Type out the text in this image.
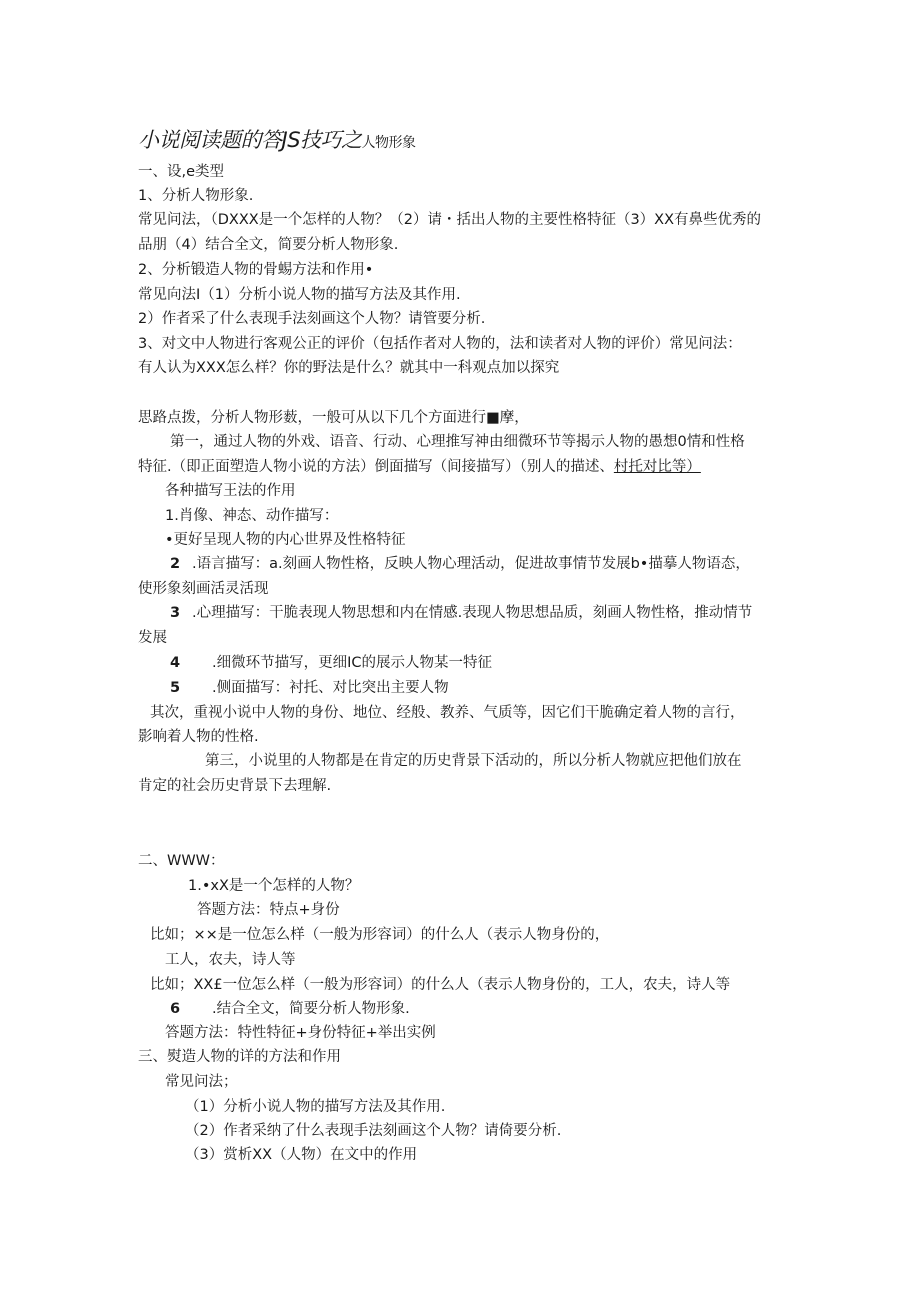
小说阅读题的答JS技巧之人物形象
一、设,e类型
1、分析人物形象.
常见问法，（DXXX是一个怎样的人物？（2）请・括出人物的主要性格特征（3）XX有鼻些优秀的
品朋（4）结合全文，简要分析人物形象.
2、分析锻造人物的骨蜴方法和作用•
常见向法I（1）分析小说人物的描写方法及其作用.
2）作者采了什么表现手法刻画这个人物？请管要分析.
3、对文中人物进行客观公正的评价（包括作者对人物的，法和读者对人物的评价）常见问法：
有人认为XXX怎么样？你的野法是什么？就其中一科观点加以探究
思路点拨，分析人物形薮，一般可从以下几个方面进行■摩，
第一，通过人物的外戏、语音、行动、心理推写神由细微环节等揭示人物的愚想0情和性格
特征.（即正面塑造人物小说的方法）倒面描写（间接描写）（别人的描述、村托对比等）
各种描写王法的作用
1.肖像、神态、动作描写：
•更好呈现人物的内心世界及性格特征
2 .语言描写：a.刻画人物性格，反映人物心理活动，促进故事情节发展b•描摹人物语态，
使形象刻画活灵活现
3 .心理描写：干脆表现人物思想和内在情感.表现人物思想品质，刻画人物性格，推动情节
发展
4 .细微环节描写，更细IC的展示人物某一特征
5 .侧面描写：衬托、对比突出主要人物
其次，重视小说中人物的身份、地位、经般、教养、气质等，因它们干脆确定着人物的言行，
影响着人物的性格.
第三，小说里的人物都是在肯定的历史背景下活动的，所以分析人物就应把他们放在
肯定的社会历史背景下去理解.
二、WWW：
1.•xX是一个怎样的人物？
答题方法：特点+身份
比如；××是一位怎么样（一般为形容词）的什么人（表示人物身份的，
工人，农夫，诗人等
比如；XX£一位怎么样（一般为形容词）的什么人（表示人物身份的，工人，农夫，诗人等
6 .结合全文，简要分析人物形象.
答题方法：特性特征+身份特征+举出实例
三、熨造人物的详的方法和作用
常见问法；
（1）分析小说人物的描写方法及其作用.
（2）作者采纳了什么表现手法刻画这个人物？请倚要分析.
（3）赏析XX（人物）在文中的作用
